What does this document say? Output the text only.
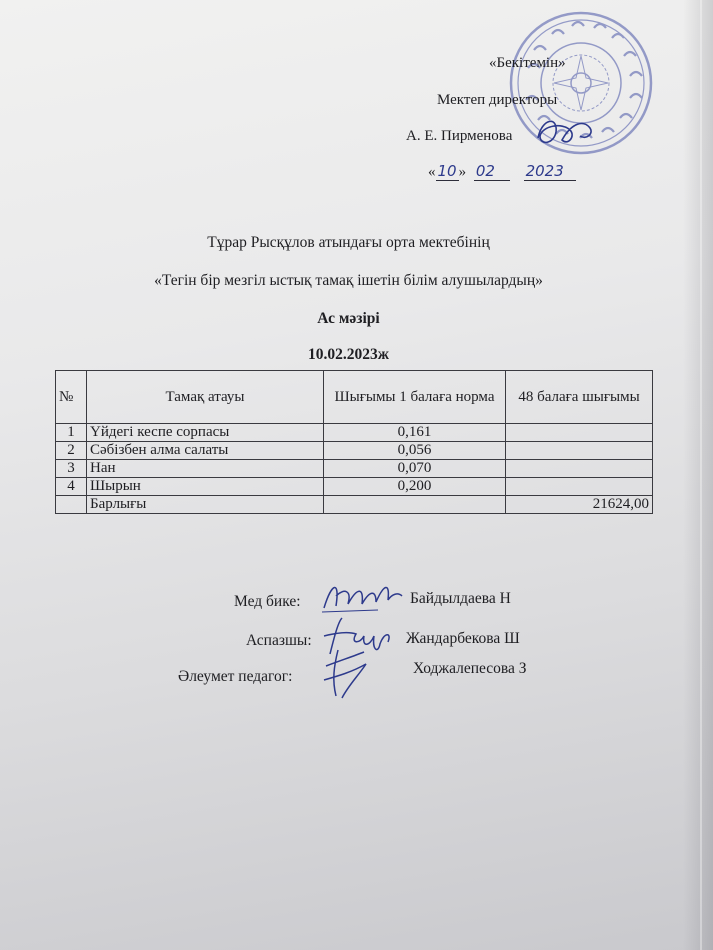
«Бекітемін»
Мектеп директоры
А. Е. Пирменова
« 10 » 02 2023
Тұрар Рысқұлов атындағы орта мектебінің
«Тегін бір мезгіл ыстық тамақ ішетін білім алушылардың»
Ас мәзірі
10.02.2023ж
№	Тамақ атауы	Шығымы 1 балаға норма	48 балаға шығымы
1	Үйдегі кеспе сорпасы	0,161	
2	Сәбізбен алма салаты	0,056	
3	Нан	0,070	
4	Шырын	0,200	
	Барлығы		21624,00
Мед бике:	Байдылдаева Н
Аспазшы:	Жандарбекова Ш
Әлеумет педагог:	Ходжалепесова З
